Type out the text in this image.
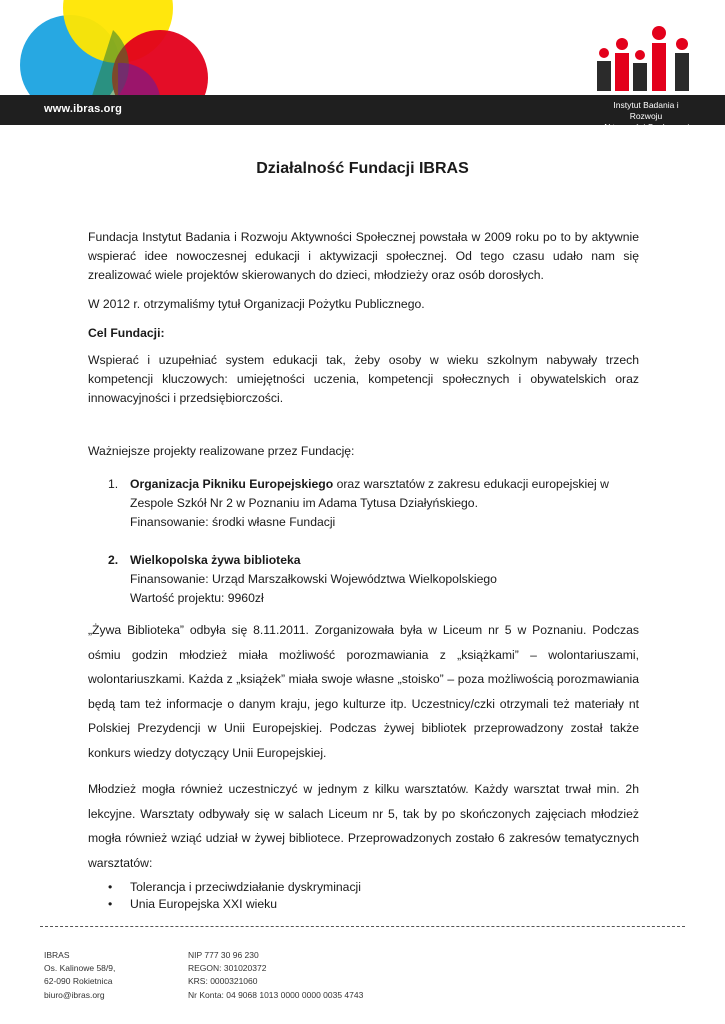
www.ibras.org	Instytut Badania i Rozwoju
Aktywności Społecznej
Działalność Fundacji IBRAS

Fundacja Instytut Badania i Rozwoju Aktywności Społecznej powstała w 2009 roku po to by aktywnie wspierać idee nowoczesnej edukacji i aktywizacji społecznej. Od tego czasu udało nam się zrealizować wiele projektów skierowanych do dzieci, młodzieży oraz osób dorosłych.

W 2012 r. otrzymaliśmy tytuł Organizacji Pożytku Publicznego.

Cel Fundacji:

Wspierać i uzupełniać system edukacji tak, żeby osoby w wieku szkolnym nabywały trzech kompetencji kluczowych: umiejętności uczenia, kompetencji społecznych i obywatelskich oraz innowacyjności i przedsiębiorczości.

Ważniejsze projekty realizowane przez Fundację:

1. Organizacja Pikniku Europejskiego oraz warsztatów z zakresu edukacji europejskiej w
Zespole Szkół Nr 2 w Poznaniu im Adama Tytusa Działyńskiego.
Finansowanie: środki własne Fundacji
2. Wielkopolska żywa biblioteka
Finansowanie: Urząd Marszałkowski Województwa Wielkopolskiego
Wartość projektu: 9960zł

„Żywa Biblioteka” odbyła się 8.11.2011. Zorganizowała była w Liceum nr 5 w Poznaniu. Podczas ośmiu godzin młodzież miała możliwość porozmawiania z „książkami” – wolontariuszami, wolontariuszkami. Każda z „książek” miała swoje własne „stoisko” – poza możliwością porozmawiania będą tam też informacje o danym kraju, jego kulturze itp. Uczestnicy/czki otrzymali też materiały nt Polskiej Prezydencji w Unii Europejskiej. Podczas żywej bibliotek przeprowadzony został także konkurs wiedzy dotyczący Unii Europejskiej.

Młodzież mogła również uczestniczyć w jednym z kilku warsztatów. Każdy warsztat trwał min. 2h lekcyjne. Warsztaty odbywały się w salach Liceum nr 5, tak by po skończonych zajęciach młodzież mogła również wziąć udział w żywej bibliotece. Przeprowadzonych zostało 6 zakresów tematycznych warsztatów:

• Tolerancja i przeciwdziałanie dyskryminacji
• Unia Europejska XXI wieku
IBRAS
Os. Kalinowe 58/9,
62-090 Rokietnica
biuro@ibras.org
NIP 777 30 96 230
REGON: 301020372
KRS: 0000321060
Nr Konta: 04 9068 1013 0000 0000 0035 4743
